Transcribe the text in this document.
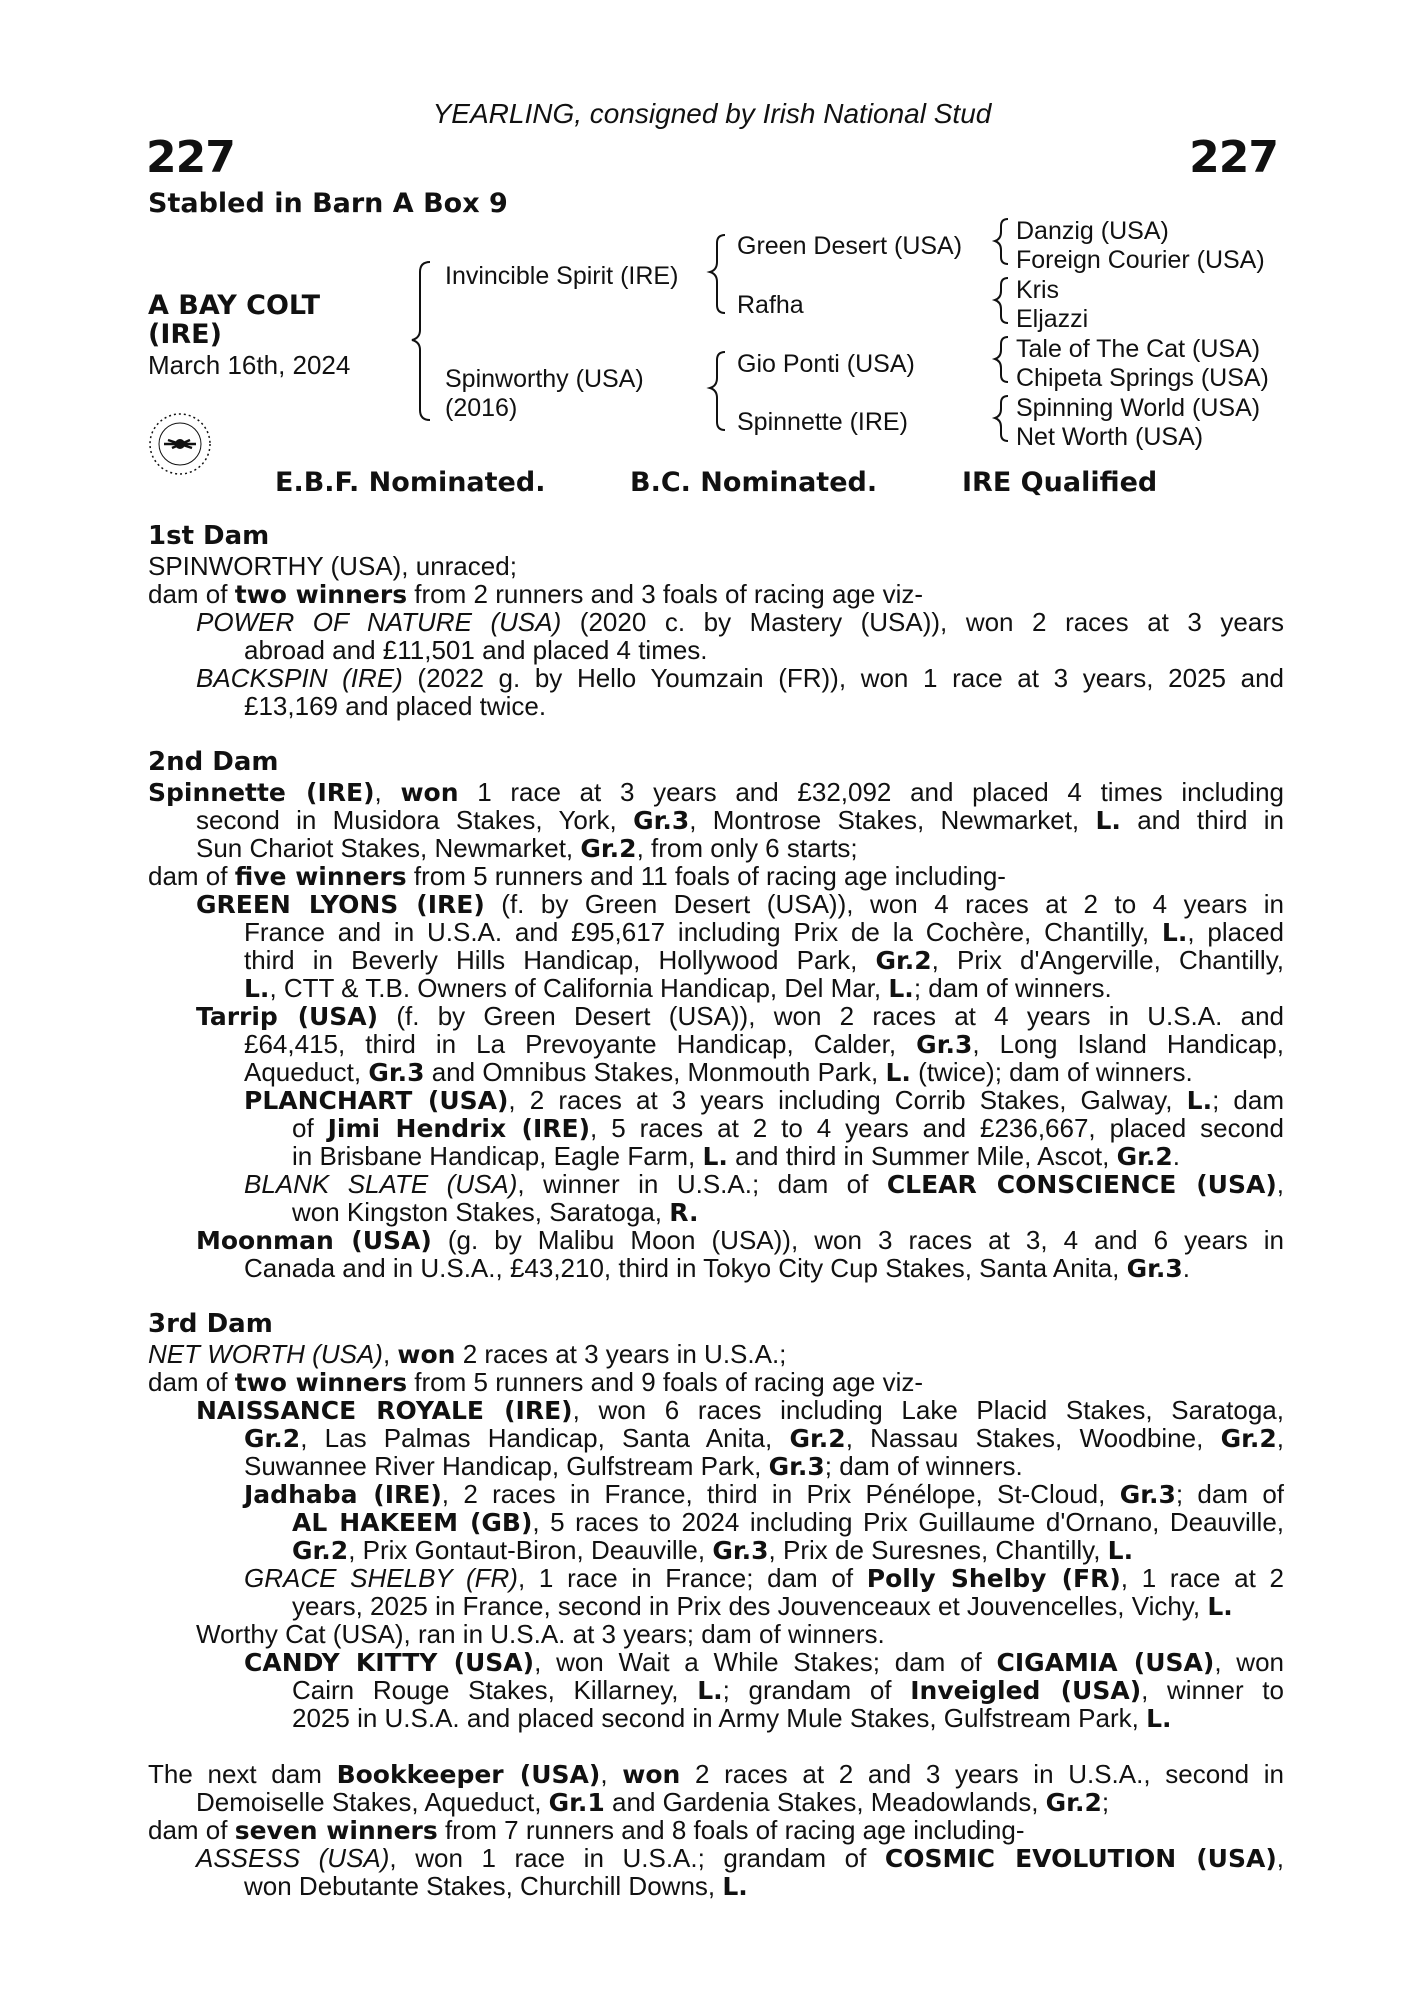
YEARLING, consigned by Irish National Stud
227	227
Stabled in Barn A Box 9
A BAY COLT
(IRE)
March 16th, 2024
Invincible Spirit (IRE)
Spinworthy (USA)
(2016)
Green Desert (USA)
Rafha
Gio Ponti (USA)
Spinnette (IRE)
Danzig (USA)
Foreign Courier (USA)
Kris
Eljazzi
Tale of The Cat (USA)
Chipeta Springs (USA)
Spinning World (USA)
Net Worth (USA)
E.B.F. Nominated.	B.C. Nominated.	IRE Qualified
1st Dam
SPINWORTHY (USA), unraced;
dam of two winners from 2 runners and 3 foals of racing age viz-
POWER OF NATURE (USA) (2020 c. by Mastery (USA)), won 2 races at 3 years
abroad and £11,501 and placed 4 times.
BACKSPIN (IRE) (2022 g. by Hello Youmzain (FR)), won 1 race at 3 years, 2025 and
£13,169 and placed twice.
2nd Dam
Spinnette (IRE), won 1 race at 3 years and £32,092 and placed 4 times including
second in Musidora Stakes, York, Gr.3, Montrose Stakes, Newmarket, L. and third in
Sun Chariot Stakes, Newmarket, Gr.2, from only 6 starts;
dam of five winners from 5 runners and 11 foals of racing age including-
GREEN LYONS (IRE) (f. by Green Desert (USA)), won 4 races at 2 to 4 years in
France and in U.S.A. and £95,617 including Prix de la Cochère, Chantilly, L., placed
third in Beverly Hills Handicap, Hollywood Park, Gr.2, Prix d'Angerville, Chantilly,
L., CTT & T.B. Owners of California Handicap, Del Mar, L.; dam of winners.
Tarrip (USA) (f. by Green Desert (USA)), won 2 races at 4 years in U.S.A. and
£64,415, third in La Prevoyante Handicap, Calder, Gr.3, Long Island Handicap,
Aqueduct, Gr.3 and Omnibus Stakes, Monmouth Park, L. (twice); dam of winners.
PLANCHART (USA), 2 races at 3 years including Corrib Stakes, Galway, L.; dam
of Jimi Hendrix (IRE), 5 races at 2 to 4 years and £236,667, placed second
in Brisbane Handicap, Eagle Farm, L. and third in Summer Mile, Ascot, Gr.2.
BLANK SLATE (USA), winner in U.S.A.; dam of CLEAR CONSCIENCE (USA),
won Kingston Stakes, Saratoga, R.
Moonman (USA) (g. by Malibu Moon (USA)), won 3 races at 3, 4 and 6 years in
Canada and in U.S.A., £43,210, third in Tokyo City Cup Stakes, Santa Anita, Gr.3.
3rd Dam
NET WORTH (USA), won 2 races at 3 years in U.S.A.;
dam of two winners from 5 runners and 9 foals of racing age viz-
NAISSANCE ROYALE (IRE), won 6 races including Lake Placid Stakes, Saratoga,
Gr.2, Las Palmas Handicap, Santa Anita, Gr.2, Nassau Stakes, Woodbine, Gr.2,
Suwannee River Handicap, Gulfstream Park, Gr.3; dam of winners.
Jadhaba (IRE), 2 races in France, third in Prix Pénélope, St-Cloud, Gr.3; dam of
AL HAKEEM (GB), 5 races to 2024 including Prix Guillaume d'Ornano, Deauville,
Gr.2, Prix Gontaut-Biron, Deauville, Gr.3, Prix de Suresnes, Chantilly, L.
GRACE SHELBY (FR), 1 race in France; dam of Polly Shelby (FR), 1 race at 2
years, 2025 in France, second in Prix des Jouvenceaux et Jouvencelles, Vichy, L.
Worthy Cat (USA), ran in U.S.A. at 3 years; dam of winners.
CANDY KITTY (USA), won Wait a While Stakes; dam of CIGAMIA (USA), won
Cairn Rouge Stakes, Killarney, L.; grandam of Inveigled (USA), winner to
2025 in U.S.A. and placed second in Army Mule Stakes, Gulfstream Park, L.
The next dam Bookkeeper (USA), won 2 races at 2 and 3 years in U.S.A., second in
Demoiselle Stakes, Aqueduct, Gr.1 and Gardenia Stakes, Meadowlands, Gr.2;
dam of seven winners from 7 runners and 8 foals of racing age including-
ASSESS (USA), won 1 race in U.S.A.; grandam of COSMIC EVOLUTION (USA),
won Debutante Stakes, Churchill Downs, L.
